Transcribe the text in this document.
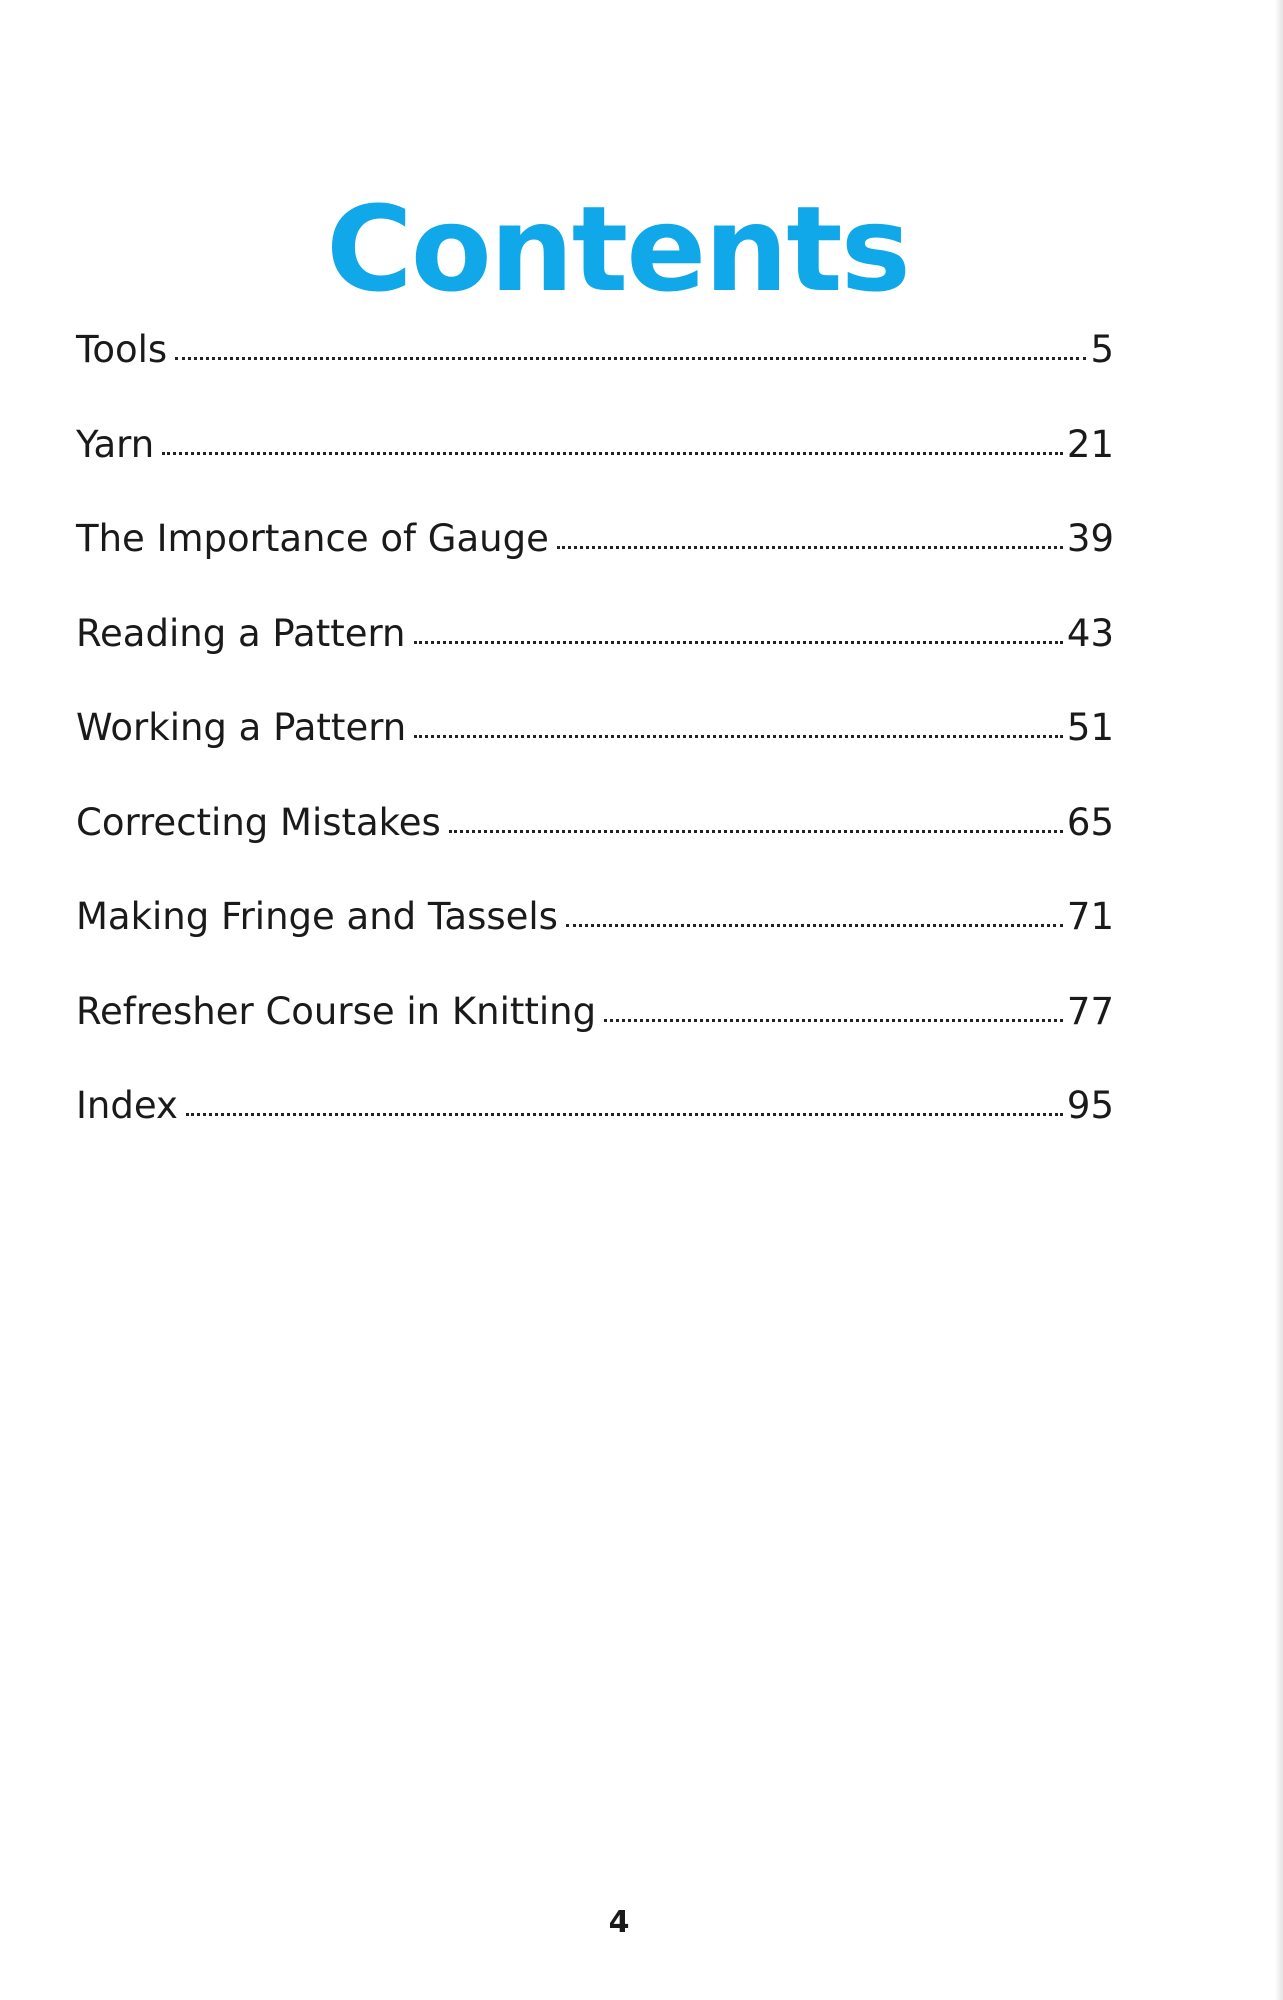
Contents
Tools	5
Yarn	21
The Importance of Gauge	39
Reading a Pattern	43
Working a Pattern	51
Correcting Mistakes	65
Making Fringe and Tassels	71
Refresher Course in Knitting	77
Index	95
4
